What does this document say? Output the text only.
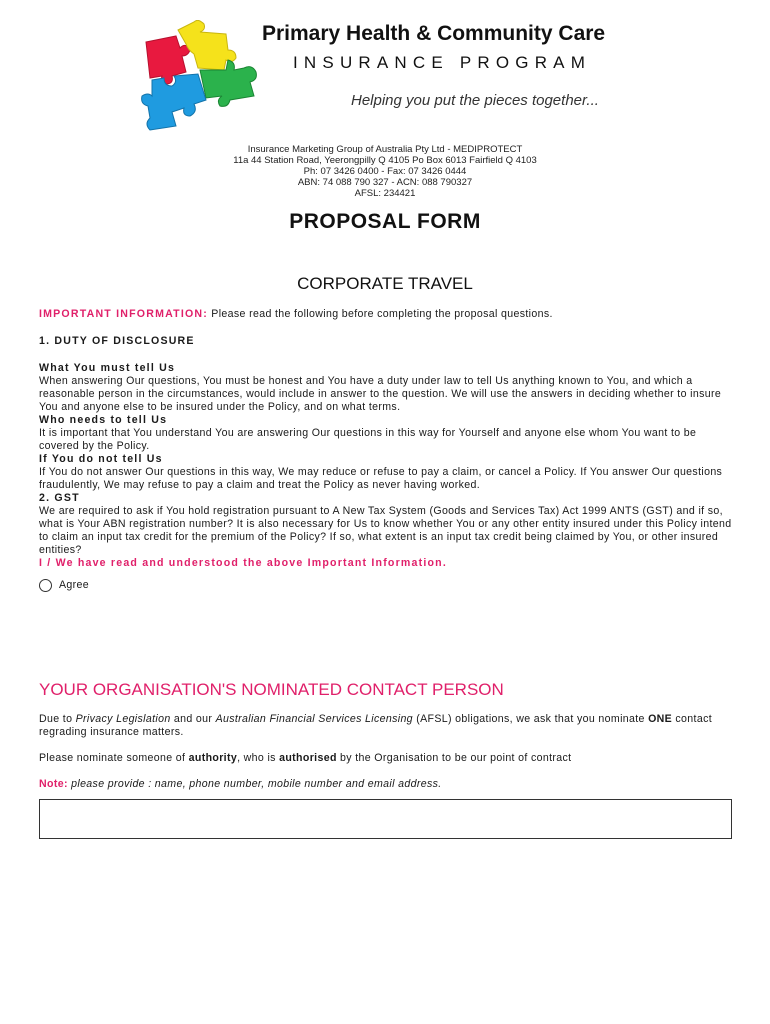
Primary Health & Community Care
INSURANCE PROGRAM
Helping you put the pieces together...
Insurance Marketing Group of Australia Pty Ltd - MEDIPROTECT
11a 44 Station Road, Yeerongpilly Q 4105 Po Box 6013 Fairfield Q 4103
Ph: 07 3426 0400 - Fax: 07 3426 0444
ABN: 74 088 790 327 - ACN: 088 790327
AFSL: 234421
PROPOSAL FORM
CORPORATE TRAVEL

IMPORTANT INFORMATION: Please read the following before completing the proposal questions.

1. DUTY OF DISCLOSURE

What You must tell Us

When answering Our questions, You must be honest and You have a duty under law to tell Us anything known to You, and which a reasonable person in the circumstances, would include in answer to the question. We will use the answers in deciding whether to insure You and anyone else to be insured under the Policy, and on what terms.

Who needs to tell Us

It is important that You understand You are answering Our questions in this way for Yourself and anyone else whom You want to be covered by the Policy.

If You do not tell Us

If You do not answer Our questions in this way, We may reduce or refuse to pay a claim, or cancel a Policy. If You answer Our questions fraudulently, We may refuse to pay a claim and treat the Policy as never having worked.

2. GST

We are required to ask if You hold registration pursuant to A New Tax System (Goods and Services Tax) Act 1999 ANTS (GST) and if so, what is Your ABN registration number? It is also necessary for Us to know whether You or any other entity insured under this Policy intend to claim an input tax credit for the premium of the Policy? If so, what extent is an input tax credit being claimed by You, or other insured entities?

I / We have read and understood the above Important Information.

Agree
YOUR ORGANISATION'S NOMINATED CONTACT PERSON

Due to Privacy Legislation and our Australian Financial Services Licensing (AFSL) obligations, we ask that you nominate ONE contact regrading insurance matters.

Please nominate someone of authority, who is authorised by the Organisation to be our point of contract

Note: please provide : name, phone number, mobile number and email address.
